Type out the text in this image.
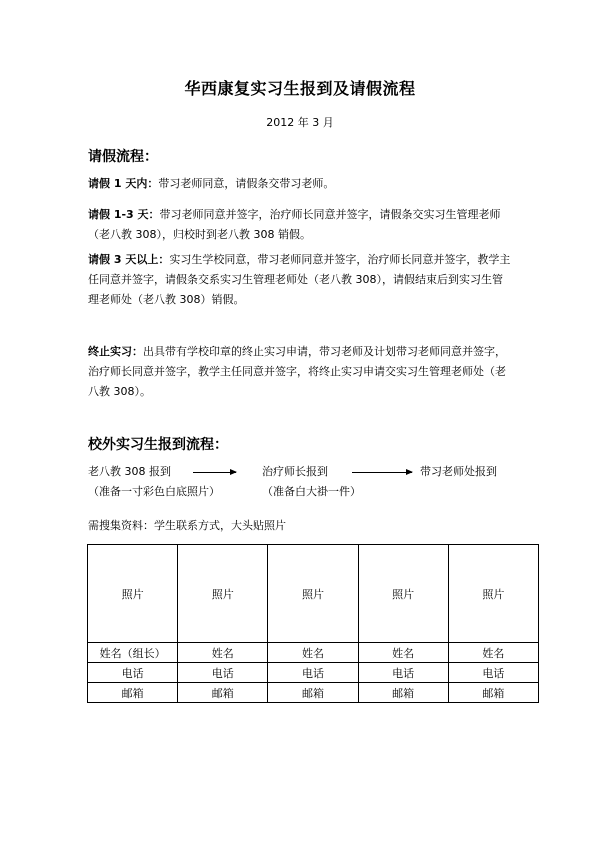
华西康复实习生报到及请假流程
2012 年 3 月
请假流程：
请假 1 天内：带习老师同意，请假条交带习老师。
请假 1-3 天：带习老师同意并签字，治疗师长同意并签字，请假条交实习生管理老师（老八教 308），归校时到老八教 308 销假。
请假 3 天以上：实习生学校同意，带习老师同意并签字，治疗师长同意并签字，教学主任同意并签字，请假条交系实习生管理老师处（老八教 308），请假结束后到实习生管理老师处（老八教 308）销假。
终止实习：出具带有学校印章的终止实习申请，带习老师及计划带习老师同意并签字，治疗师长同意并签字，教学主任同意并签字，将终止实习申请交实习生管理老师处（老八教 308）。
校外实习生报到流程：
老八教 308 报到
（准备一寸彩色白底照片）
治疗师长报到
（准备白大褂一件）
带习老师处报到
需搜集资料：学生联系方式，大头贴照片
照片	照片	照片	照片	照片
姓名（组长）	姓名	姓名	姓名	姓名
电话	电话	电话	电话	电话
邮箱	邮箱	邮箱	邮箱	邮箱
